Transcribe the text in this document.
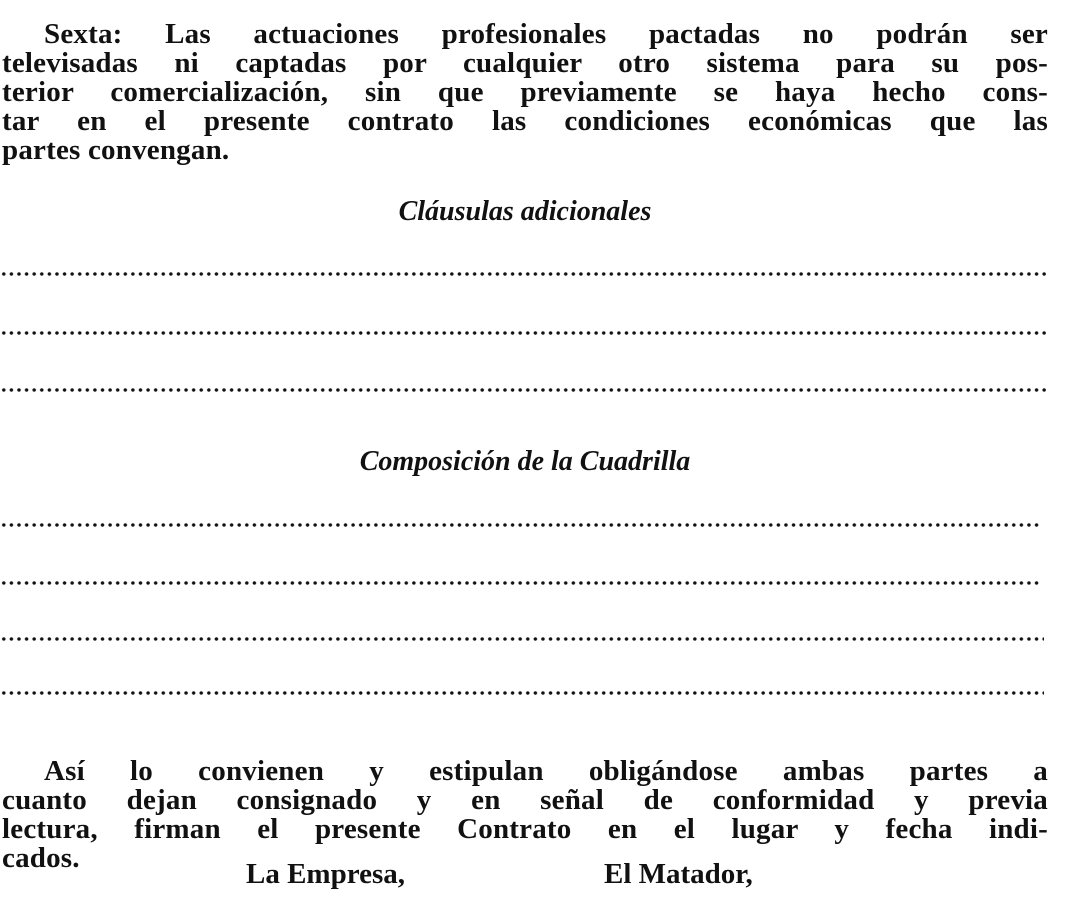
Sexta: Las actuaciones profesionales pactadas no podrán ser
televisadas ni captadas por cualquier otro sistema para su pos-
terior comercialización, sin que previamente se haya hecho cons-
tar en el presente contrato las condiciones económicas que las
partes convengan.
Cláusulas adicionales
Composición de la Cuadrilla
Así lo convienen y estipulan obligándose ambas partes a
cuanto dejan consignado y en señal de conformidad y previa
lectura, firman el presente Contrato en el lugar y fecha indi-
cados.	La Empresa,	El Matador,
